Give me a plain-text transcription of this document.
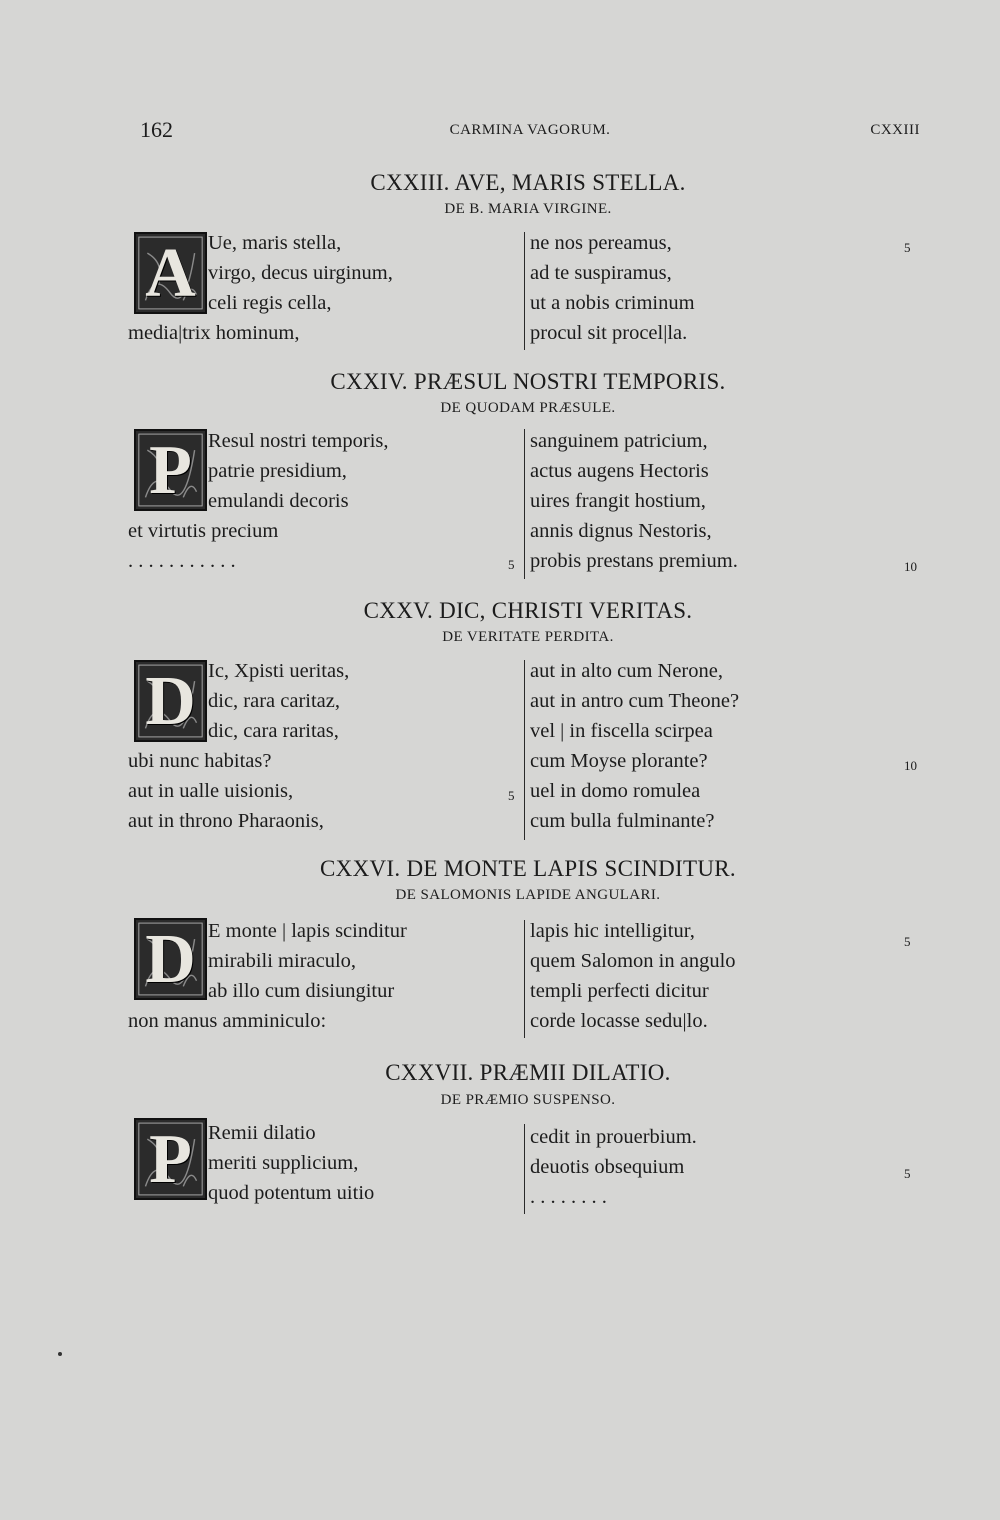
162	CARMINA VAGORUM.	CXXIII
CXXIII. AVE, MARIS STELLA.
DE B. MARIA VIRGINE.
A Ue, maris stella,
virgo, decus uirginum,
celi regis cella,
media|trix hominum,
ne nos pereamus,
ad te suspiramus,
ut a nobis criminum
procul sit procel|la.
5
CXXIV. PRÆSUL NOSTRI TEMPORIS.
DE QUODAM PRÆSULE.
P Resul nostri temporis,
patrie presidium,
emulandi decoris
et virtutis precium
. . . . . . . . . . .	5
sanguinem patricium,
actus augens Hectoris
uires frangit hostium,
annis dignus Nestoris,
probis prestans premium.	10
CXXV. DIC, CHRISTI VERITAS.
DE VERITATE PERDITA.
D Ic, Xpisti ueritas,
dic, rara caritaz,
dic, cara raritas,
ubi nunc habitas?
aut in ualle uisionis,
aut in throno Pharaonis,
5
aut in alto cum Nerone,
aut in antro cum Theone?
vel | in fiscella scirpea
cum Moyse plorante?
uel in domo romulea
cum bulla fulminante?
10
CXXVI. DE MONTE LAPIS SCINDITUR.
DE SALOMONIS LAPIDE ANGULARI.
D E monte | lapis scinditur
mirabili miraculo,
ab illo cum disiungitur
non manus amminiculo:
lapis hic intelligitur,
quem Salomon in angulo
templi perfecti dicitur
corde locasse sedu|lo.
5
CXXVII. PRÆMII DILATIO.
DE PRÆMIO SUSPENSO.
P Remii dilatio
meriti supplicium,
quod potentum uitio
cedit in prouerbium.
deuotis obsequium
. . . . . . . .
5
